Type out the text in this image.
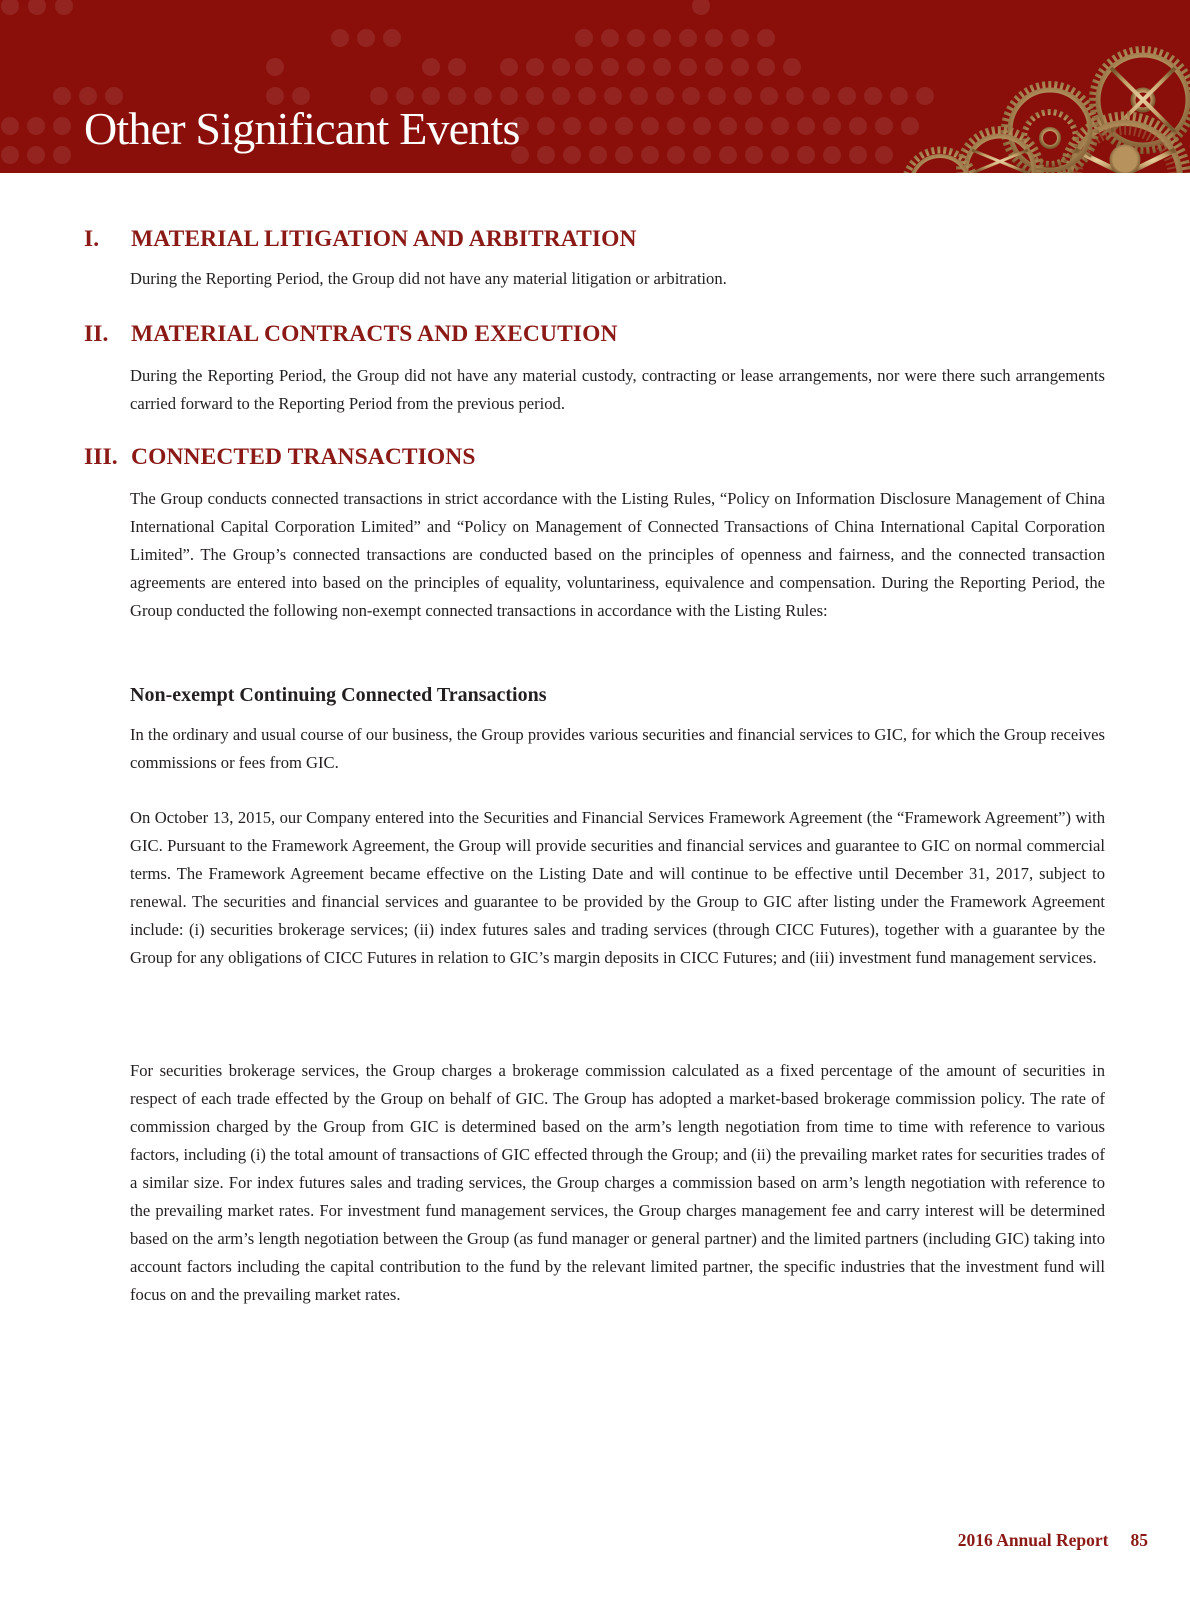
Other Significant Events
I. MATERIAL LITIGATION AND ARBITRATION

During the Reporting Period, the Group did not have any material litigation or arbitration.

II. MATERIAL CONTRACTS AND EXECUTION

During the Reporting Period, the Group did not have any material custody, contracting or lease arrangements, nor were there such arrangements carried forward to the Reporting Period from the previous period.

III. CONNECTED TRANSACTIONS

The Group conducts connected transactions in strict accordance with the Listing Rules, “Policy on Information Disclosure Management of China International Capital Corporation Limited” and “Policy on Management of Connected Transactions of China International Capital Corporation Limited”. The Group’s connected transactions are conducted based on the principles of openness and fairness, and the connected transaction agreements are entered into based on the principles of equality, voluntariness, equivalence and compensation. During the Reporting Period, the Group conducted the following non-exempt connected transactions in accordance with the Listing Rules:

Non-exempt Continuing Connected Transactions

In the ordinary and usual course of our business, the Group provides various securities and financial services to GIC, for which the Group receives commissions or fees from GIC.

On October 13, 2015, our Company entered into the Securities and Financial Services Framework Agreement (the “Framework Agreement”) with GIC. Pursuant to the Framework Agreement, the Group will provide securities and financial services and guarantee to GIC on normal commercial terms. The Framework Agreement became effective on the Listing Date and will continue to be effective until December 31, 2017, subject to renewal. The securities and financial services and guarantee to be provided by the Group to GIC after listing under the Framework Agreement include: (i) securities brokerage services; (ii) index futures sales and trading services (through CICC Futures), together with a guarantee by the Group for any obligations of CICC Futures in relation to GIC’s margin deposits in CICC Futures; and (iii) investment fund management services.

For securities brokerage services, the Group charges a brokerage commission calculated as a fixed percentage of the amount of securities in respect of each trade effected by the Group on behalf of GIC. The Group has adopted a market-based brokerage commission policy. The rate of commission charged by the Group from GIC is determined based on the arm’s length negotiation from time to time with reference to various factors, including (i) the total amount of transactions of GIC effected through the Group; and (ii) the prevailing market rates for securities trades of a similar size. For index futures sales and trading services, the Group charges a commission based on arm’s length negotiation with reference to the prevailing market rates. For investment fund management services, the Group charges management fee and carry interest will be determined based on the arm’s length negotiation between the Group (as fund manager or general partner) and the limited partners (including GIC) taking into account factors including the capital contribution to the fund by the relevant limited partner, the specific industries that the investment fund will focus on and the prevailing market rates.

2016 Annual Report 85
